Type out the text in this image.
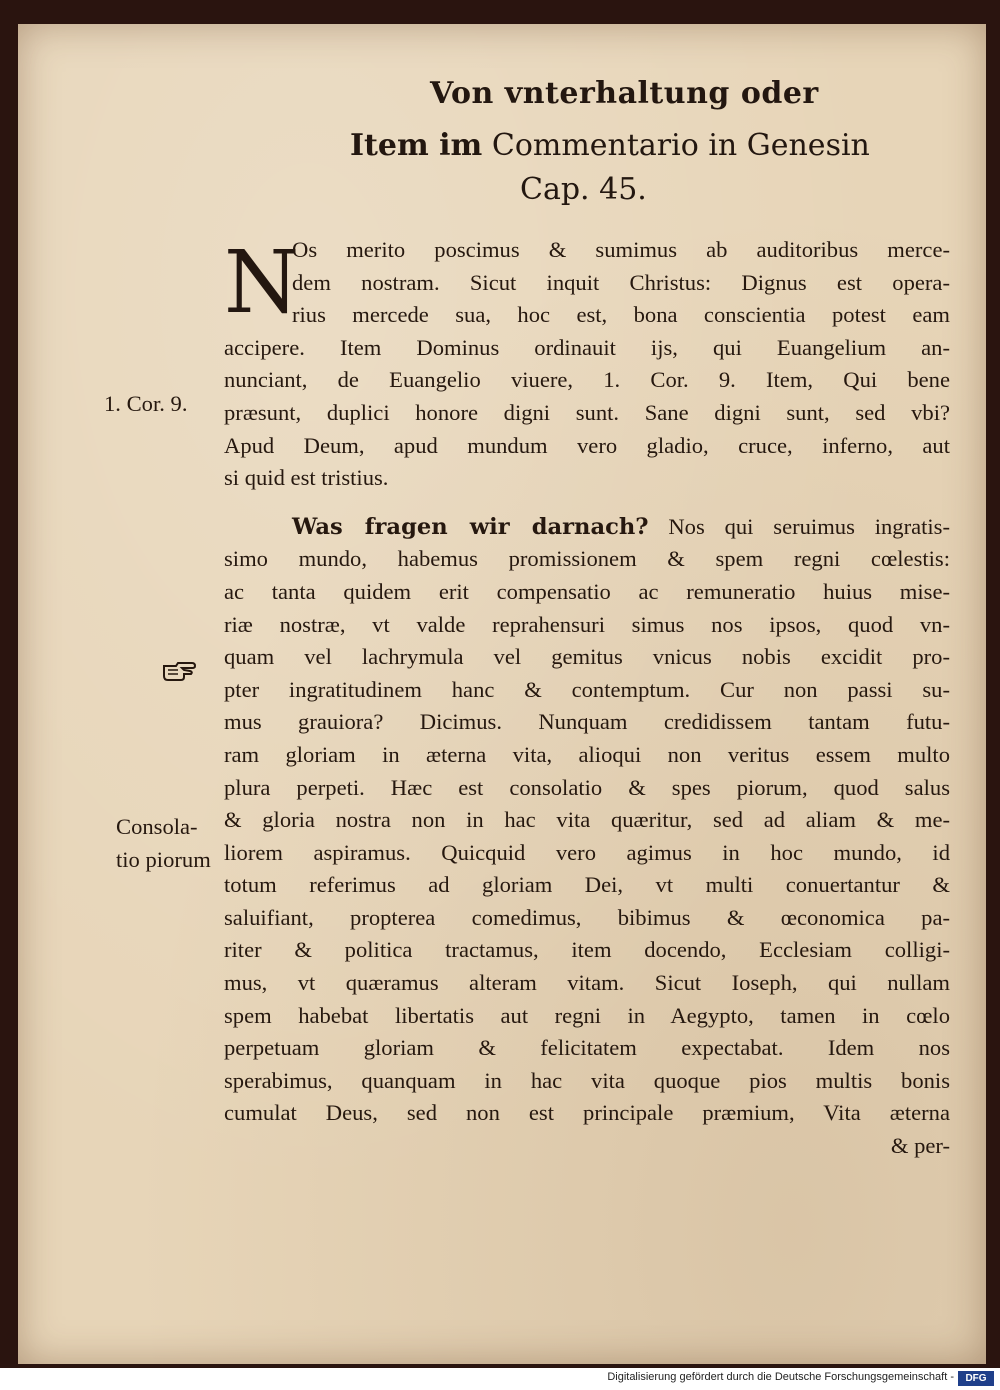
Von vnterhaltung oder
Item im Commentario in Genesin
Cap. 45.
N
Os merito poscimus & sumimus ab auditoribus merce-
dem nostram. Sicut inquit Christus: Dignus est opera-
rius mercede sua, hoc est, bona conscientia potest eam
accipere. Item Dominus ordinauit ijs, qui Euangelium an-
nunciant, de Euangelio viuere, 1. Cor. 9. Item, Qui bene
præsunt, duplici honore digni sunt. Sane digni sunt, sed vbi?
Apud Deum, apud mundum vero gladio, cruce, inferno, aut
si quid est tristius.
Was fragen wir darnach? Nos qui seruimus ingratis-
simo mundo, habemus promissionem & spem regni cœlestis:
ac tanta quidem erit compensatio ac remuneratio huius mise-
riæ nostræ, vt valde reprahensuri simus nos ipsos, quod vn-
quam vel lachrymula vel gemitus vnicus nobis excidit pro-
pter ingratitudinem hanc & contemptum. Cur non passi su-
mus grauiora? Dicimus. Nunquam credidissem tantam futu-
ram gloriam in æterna vita, alioqui non veritus essem multo
plura perpeti. Hæc est consolatio & spes piorum, quod salus
& gloria nostra non in hac vita quæritur, sed ad aliam & me-
liorem aspiramus. Quicquid vero agimus in hoc mundo, id
totum referimus ad gloriam Dei, vt multi conuertantur &
saluifiant, propterea comedimus, bibimus & œconomica pa-
riter & politica tractamus, item docendo, Ecclesiam colligi-
mus, vt quæramus alteram vitam. Sicut Ioseph, qui nullam
spem habebat libertatis aut regni in Aegypto, tamen in cœlo
perpetuam gloriam & felicitatem expectabat. Idem nos
sperabimus, quanquam in hac vita quoque pios multis bonis
cumulat Deus, sed non est principale præmium, Vita æterna
& per-
1. Cor. 9.
Consola-
tio piorum
Digitalisierung gefördert durch die Deutsche Forschungsgemeinschaft -	DFG
